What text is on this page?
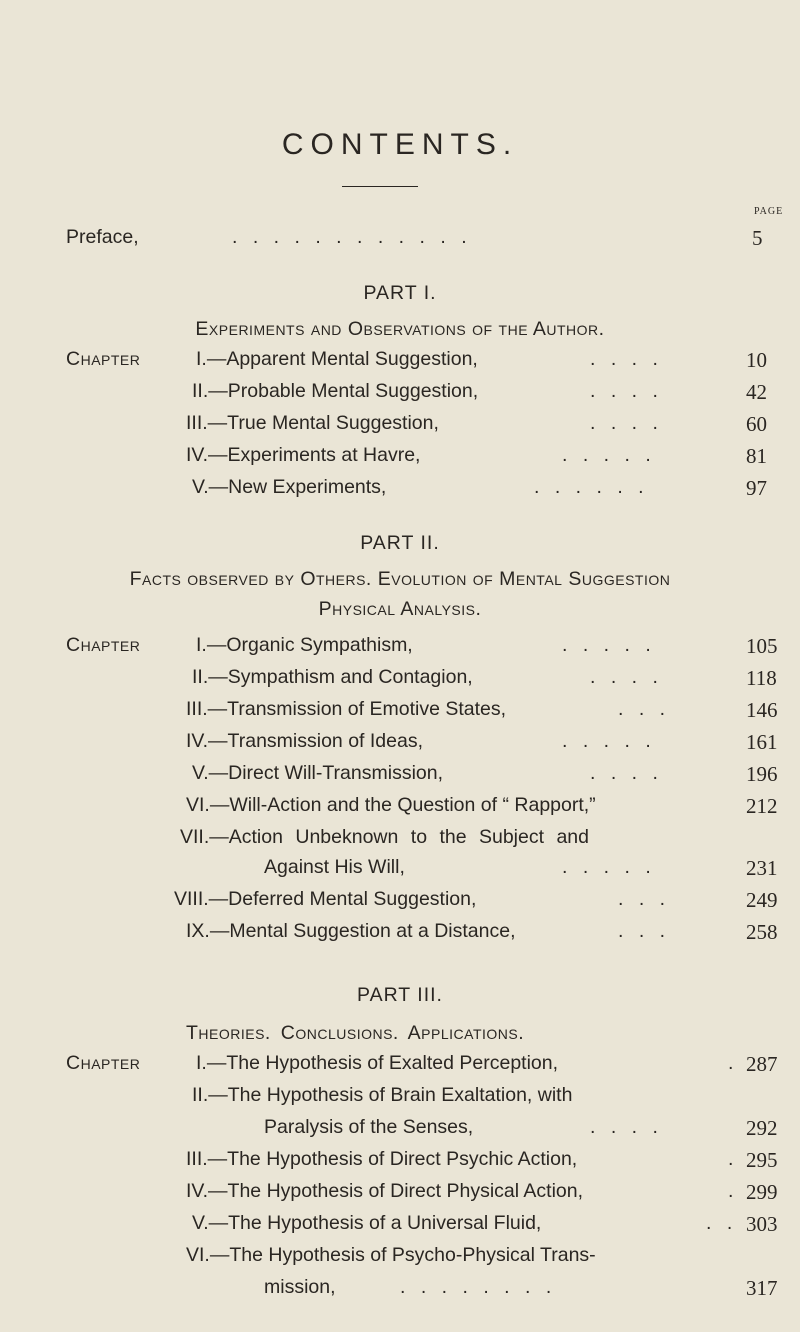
CONTENTS.
PAGE
Preface,	. . . . . . . . . . . .	5
PART I.
Experiments and Observations of the Author.
Chapter	I.—Apparent Mental Suggestion,	. . . .	10
II.—Probable Mental Suggestion,	. . . .	42
III.—True Mental Suggestion,	. . . .	60
IV.—Experiments at Havre,	. . . . .	81
V.—New Experiments,	. . . . . .	97
PART II.
Facts observed by Others. Evolution of Mental Suggestion
Physical Analysis.
Chapter	I.—Organic Sympathism,	. . . . .	105
II.—Sympathism and Contagion,	. . . .	118
III.—Transmission of Emotive States,	. . .	146
IV.—Transmission of Ideas,	. . . . .	161
V.—Direct Will-Transmission,	. . . .	196
VI.—Will-Action and the Question of “ Rapport,”	212
VII.—Action Unbeknown to the Subject and
Against His Will,	. . . . .	231
VIII.—Deferred Mental Suggestion,	. . .	249
IX.—Mental Suggestion at a Distance,	. . .	258
PART III.
Theories. Conclusions. Applications.
Chapter	I.—The Hypothesis of Exalted Perception,	. 287
II.—The Hypothesis of Brain Exaltation, with
Paralysis of the Senses,	. . . .	292
III.—The Hypothesis of Direct Psychic Action,	. 295
IV.—The Hypothesis of Direct Physical Action,	. 299
V.—The Hypothesis of a Universal Fluid,	. . 303
VI.—The Hypothesis of Psycho-Physical Trans-
mission,	. . . . . . . .	317
